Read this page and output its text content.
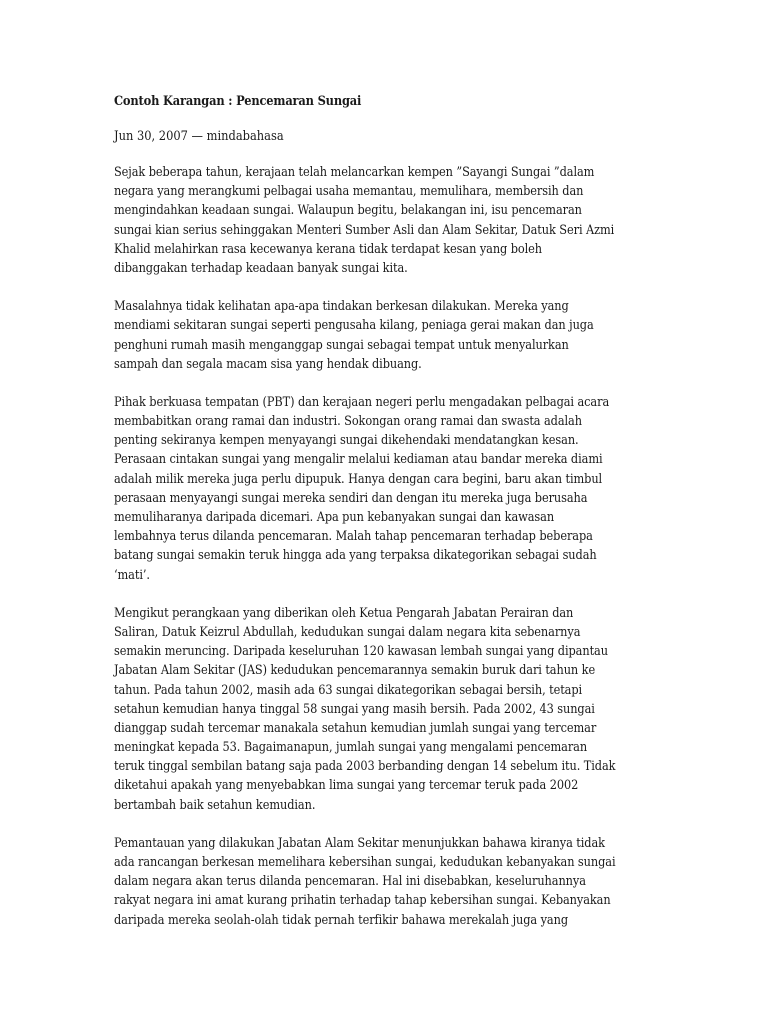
Contoh Karangan : Pencemaran Sungai
Jun 30, 2007 — mindabahasa
Sejak beberapa tahun, kerajaan telah melancarkan kempen ”Sayangi Sungai ”dalam
negara yang merangkumi pelbagai usaha memantau, memulihara, membersih dan
mengindahkan keadaan sungai. Walaupun begitu, belakangan ini, isu pencemaran
sungai kian serius sehinggakan Menteri Sumber Asli dan Alam Sekitar, Datuk Seri Azmi
Khalid melahirkan rasa kecewanya kerana tidak terdapat kesan yang boleh
dibanggakan terhadap keadaan banyak sungai kita.
Masalahnya tidak kelihatan apa-apa tindakan berkesan dilakukan. Mereka yang
mendiami sekitaran sungai seperti pengusaha kilang, peniaga gerai makan dan juga
penghuni rumah masih menganggap sungai sebagai tempat untuk menyalurkan
sampah dan segala macam sisa yang hendak dibuang.
Pihak berkuasa tempatan (PBT) dan kerajaan negeri perlu mengadakan pelbagai acara
membabitkan orang ramai dan industri. Sokongan orang ramai dan swasta adalah
penting sekiranya kempen menyayangi sungai dikehendaki mendatangkan kesan.
Perasaan cintakan sungai yang mengalir melalui kediaman atau bandar mereka diami
adalah milik mereka juga perlu dipupuk. Hanya dengan cara begini, baru akan timbul
perasaan menyayangi sungai mereka sendiri dan dengan itu mereka juga berusaha
memuliharanya daripada dicemari. Apa pun kebanyakan sungai dan kawasan
lembahnya terus dilanda pencemaran. Malah tahap pencemaran terhadap beberapa
batang sungai semakin teruk hingga ada yang terpaksa dikategorikan sebagai sudah
‘mati’.
Mengikut perangkaan yang diberikan oleh Ketua Pengarah Jabatan Perairan dan
Saliran, Datuk Keizrul Abdullah, kedudukan sungai dalam negara kita sebenarnya
semakin meruncing. Daripada keseluruhan 120 kawasan lembah sungai yang dipantau
Jabatan Alam Sekitar (JAS) kedudukan pencemarannya semakin buruk dari tahun ke
tahun. Pada tahun 2002, masih ada 63 sungai dikategorikan sebagai bersih, tetapi
setahun kemudian hanya tinggal 58 sungai yang masih bersih. Pada 2002, 43 sungai
dianggap sudah tercemar manakala setahun kemudian jumlah sungai yang tercemar
meningkat kepada 53. Bagaimanapun, jumlah sungai yang mengalami pencemaran
teruk tinggal sembilan batang saja pada 2003 berbanding dengan 14 sebelum itu. Tidak
diketahui apakah yang menyebabkan lima sungai yang tercemar teruk pada 2002
bertambah baik setahun kemudian.
Pemantauan yang dilakukan Jabatan Alam Sekitar menunjukkan bahawa kiranya tidak
ada rancangan berkesan memelihara kebersihan sungai, kedudukan kebanyakan sungai
dalam negara akan terus dilanda pencemaran. Hal ini disebabkan, keseluruhannya
rakyat negara ini amat kurang prihatin terhadap tahap kebersihan sungai. Kebanyakan
daripada mereka seolah-olah tidak pernah terfikir bahawa merekalah juga yang
